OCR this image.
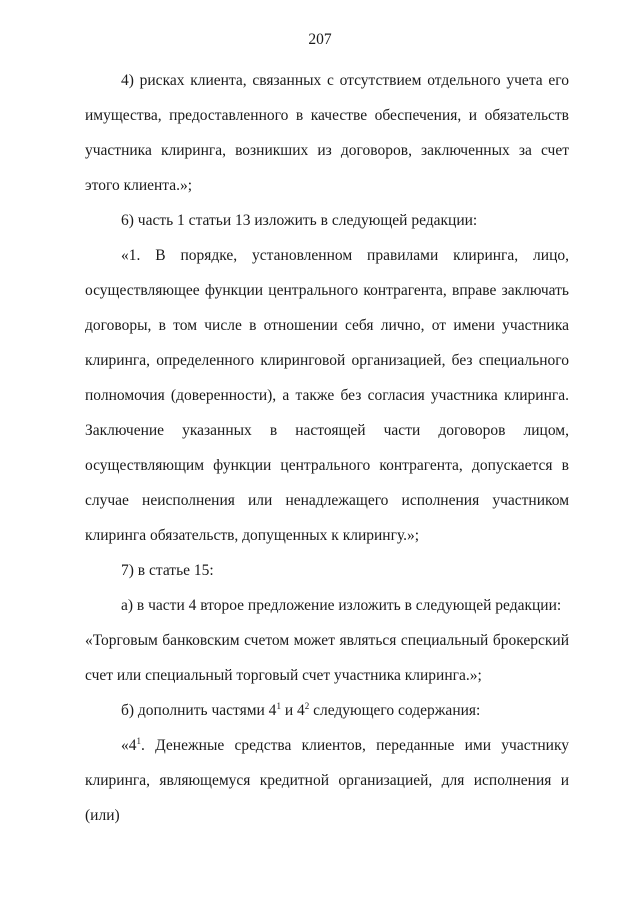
207

4) рисках клиента, связанных с отсутствием отдельного учета его имущества, предоставленного в качестве обеспечения, и обязательств участника клиринга, возникших из договоров, заключенных за счет этого клиента.»;

6) часть 1 статьи 13 изложить в следующей редакции:

«1. В порядке, установленном правилами клиринга, лицо, осуществляющее функции центрального контрагента, вправе заключать договоры, в том числе в отношении себя лично, от имени участника клиринга, определенного клиринговой организацией, без специального полномочия (доверенности), а также без согласия участника клиринга. Заключение указанных в настоящей части договоров лицом, осуществляющим функции центрального контрагента, допускается в случае неисполнения или ненадлежащего исполнения участником клиринга обязательств, допущенных к клирингу.»;

7) в статье 15:

а) в части 4 второе предложение изложить в следующей редакции:

«Торговым банковским счетом может являться специальный брокерский счет или специальный торговый счет участника клиринга.»;

б) дополнить частями $4^1$ и $4^2$ следующего содержания:

«$4^1$. Денежные средства клиентов, переданные ими участнику клиринга, являющемуся кредитной организацией, для исполнения и (или)
